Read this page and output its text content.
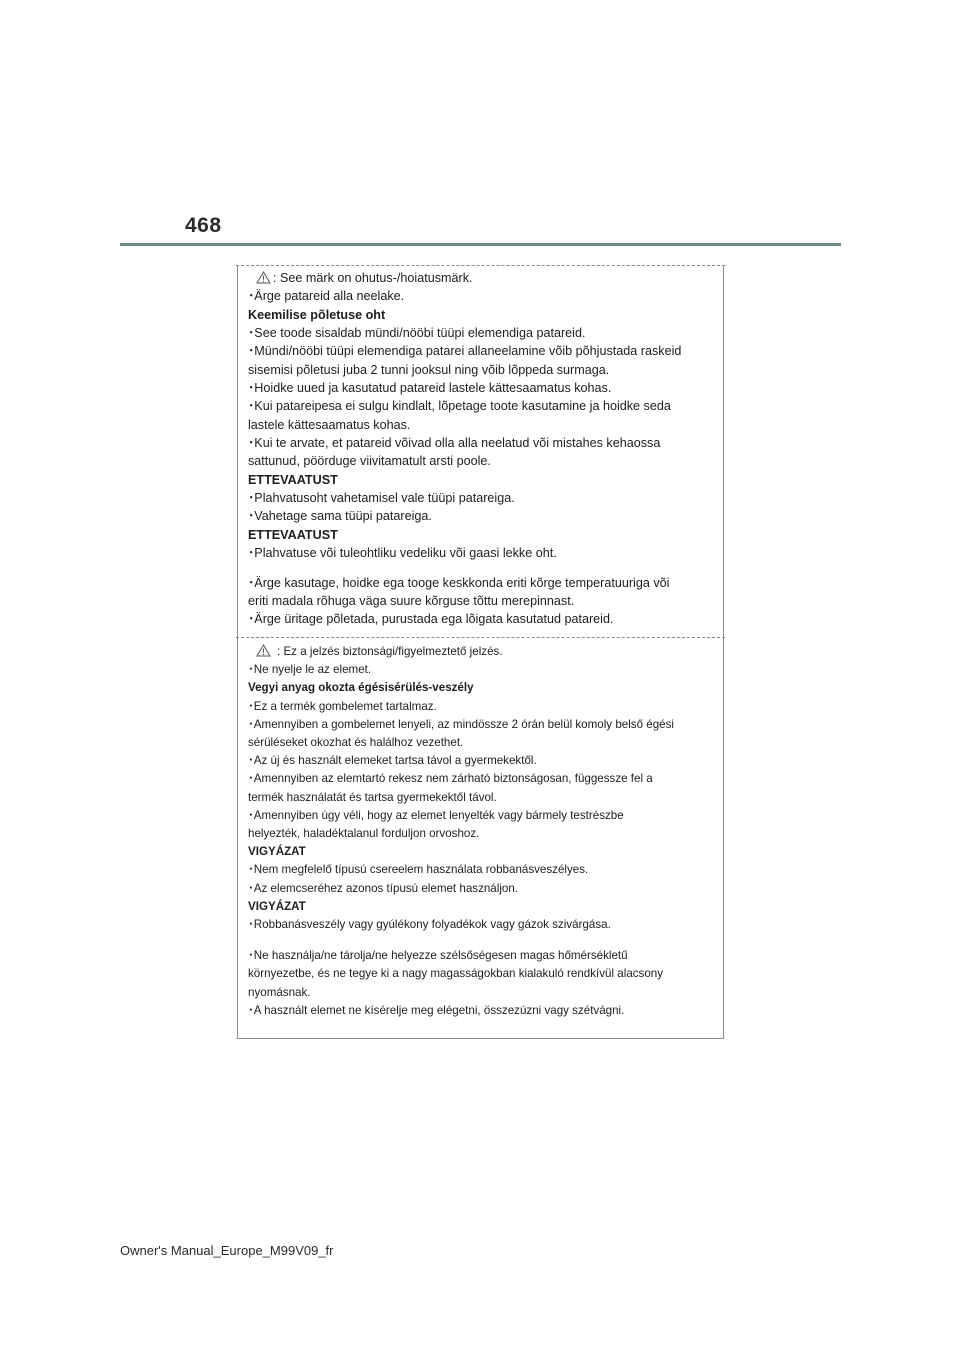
468
: See märk on ohutus-/hoiatusmärk.
･Ärge patareid alla neelake.
Keemilise põletuse oht
･See toode sisaldab mündi/nööbi tüüpi elemendiga patareid.
･Mündi/nööbi tüüpi elemendiga patarei allaneelamine võib põhjustada raskeid
sisemisi põletusi juba 2 tunni jooksul ning võib lõppeda surmaga.
･Hoidke uued ja kasutatud patareid lastele kättesaamatus kohas.
･Kui patareipesa ei sulgu kindlalt, lõpetage toote kasutamine ja hoidke seda
lastele kättesaamatus kohas.
･Kui te arvate, et patareid võivad olla alla neelatud või mistahes kehaossa
sattunud, pöörduge viivitamatult arsti poole.
ETTEVAATUST
･Plahvatusoht vahetamisel vale tüüpi patareiga.
･Vahetage sama tüüpi patareiga.
ETTEVAATUST
･Plahvatuse või tuleohtliku vedeliku või gaasi lekke oht.
･Ärge kasutage, hoidke ega tooge keskkonda eriti kõrge temperatuuriga või
eriti madala rõhuga väga suure kõrguse tõttu merepinnast.
･Ärge üritage põletada, purustada ega lõigata kasutatud patareid.
: Ez a jelzés biztonsági/figyelmeztető jelzés.
･Ne nyelje le az elemet.
Vegyi anyag okozta égésisérülés-veszély
･Ez a termék gombelemet tartalmaz.
･Amennyiben a gombelemet lenyeli, az mindössze 2 órán belül komoly belső égési
sérüléseket okozhat és halálhoz vezethet.
･Az új és használt elemeket tartsa távol a gyermekektől.
･Amennyiben az elemtartó rekesz nem zárható biztonságosan, függessze fel a
termék használatát és tartsa gyermekektől távol.
･Amennyiben úgy véli, hogy az elemet lenyelték vagy bármely testrészbe
helyezték, haladéktalanul forduljon orvoshoz.
VIGYÁZAT
･Nem megfelelő típusú csereelem használata robbanásveszélyes.
･Az elemcseréhez azonos típusú elemet használjon.
VIGYÁZAT
･Robbanásveszély vagy gyúlékony folyadékok vagy gázok szivárgása.
･Ne használja/ne tárolja/ne helyezze szélsőségesen magas hőmérsékletű
környezetbe, és ne tegye ki a nagy magasságokban kialakuló rendkívül alacsony
nyomásnak.
･A használt elemet ne kísérelje meg elégetni, összezúzni vagy szétvágni.
Owner's Manual_Europe_M99V09_fr
